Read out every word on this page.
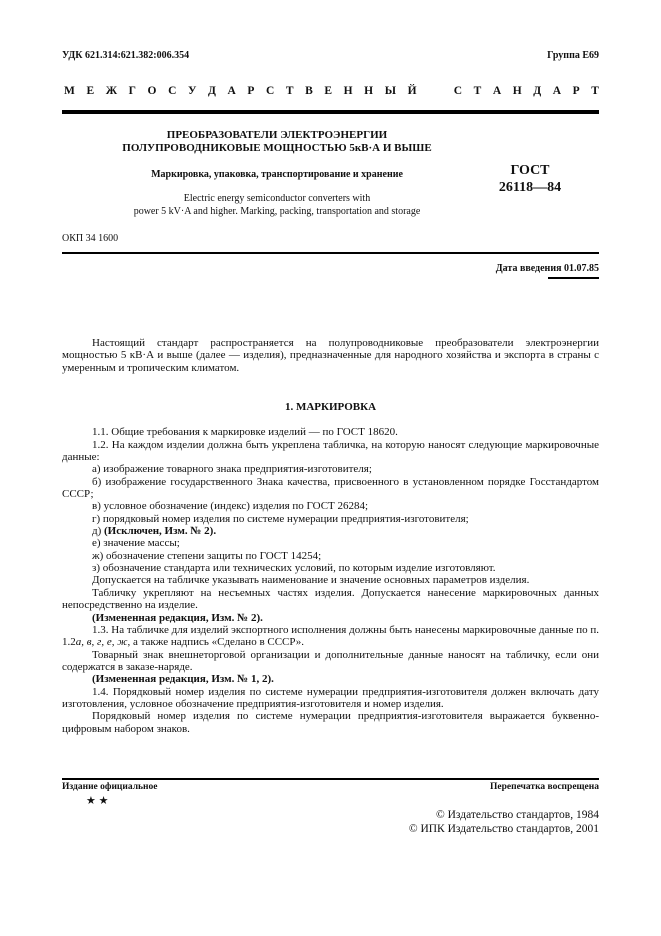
УДК 621.314:621.382:006.354	Группа Е69
М Е Ж Г О С У Д А Р С Т В Е Н Н Ы Й	С Т А Н Д А Р Т
ПРЕОБРАЗОВАТЕЛИ ЭЛЕКТРОЭНЕРГИИ
ПОЛУПРОВОДНИКОВЫЕ МОЩНОСТЬЮ 5кВ·А И ВЫШЕ
Маркировка, упаковка, транспортирование и хранение
Electric energy semiconductor converters with
power 5 kV·A and higher. Marking, packing, transportation and storage
ГОСТ
26118—84
ОКП 34 1600
Дата введения 01.07.85

Настоящий стандарт распространяется на полупроводниковые преобразователи электроэнергии мощностью 5 кВ·А и выше (далее — изделия), предназначенные для народного хозяйства и экспорта в страны с умеренным и тропическим климатом.

1. МАРКИРОВКА

1.1. Общие требования к маркировке изделий — по ГОСТ 18620.

1.2. На каждом изделии должна быть укреплена табличка, на которую наносят следующие маркировочные данные:

а) изображение товарного знака предприятия-изготовителя;

б) изображение государственного Знака качества, присвоенного в установленном порядке Госстандартом СССР;

в) условное обозначение (индекс) изделия по ГОСТ 26284;

г) порядковый номер изделия по системе нумерации предприятия-изготовителя;

д) (Исключен, Изм. № 2).

е) значение массы;

ж) обозначение степени защиты по ГОСТ 14254;

з) обозначение стандарта или технических условий, по которым изделие изготовляют.

Допускается на табличке указывать наименование и значение основных параметров изделия.

Табличку укрепляют на несъемных частях изделия. Допускается нанесение маркировочных данных непосредственно на изделие.

(Измененная редакция, Изм. № 2).

1.3. На табличке для изделий экспортного исполнения должны быть нанесены маркировочные данные по п. 1.2а, в, г, е, ж, а также надпись «Сделано в СССР».

Товарный знак внешнеторговой организации и дополнительные данные наносят на табличку, если они содержатся в заказе-наряде.

(Измененная редакция, Изм. № 1, 2).

1.4. Порядковый номер изделия по системе нумерации предприятия-изготовителя должен включать дату изготовления, условное обозначение предприятия-изготовителя и номер изделия.

Порядковый номер изделия по системе нумерации предприятия-изготовителя выражается буквенно-цифровым набором знаков.

Издание официальное	Перепечатка воспрещена
★ ★
© Издательство стандартов, 1984
© ИПК Издательство стандартов, 2001
